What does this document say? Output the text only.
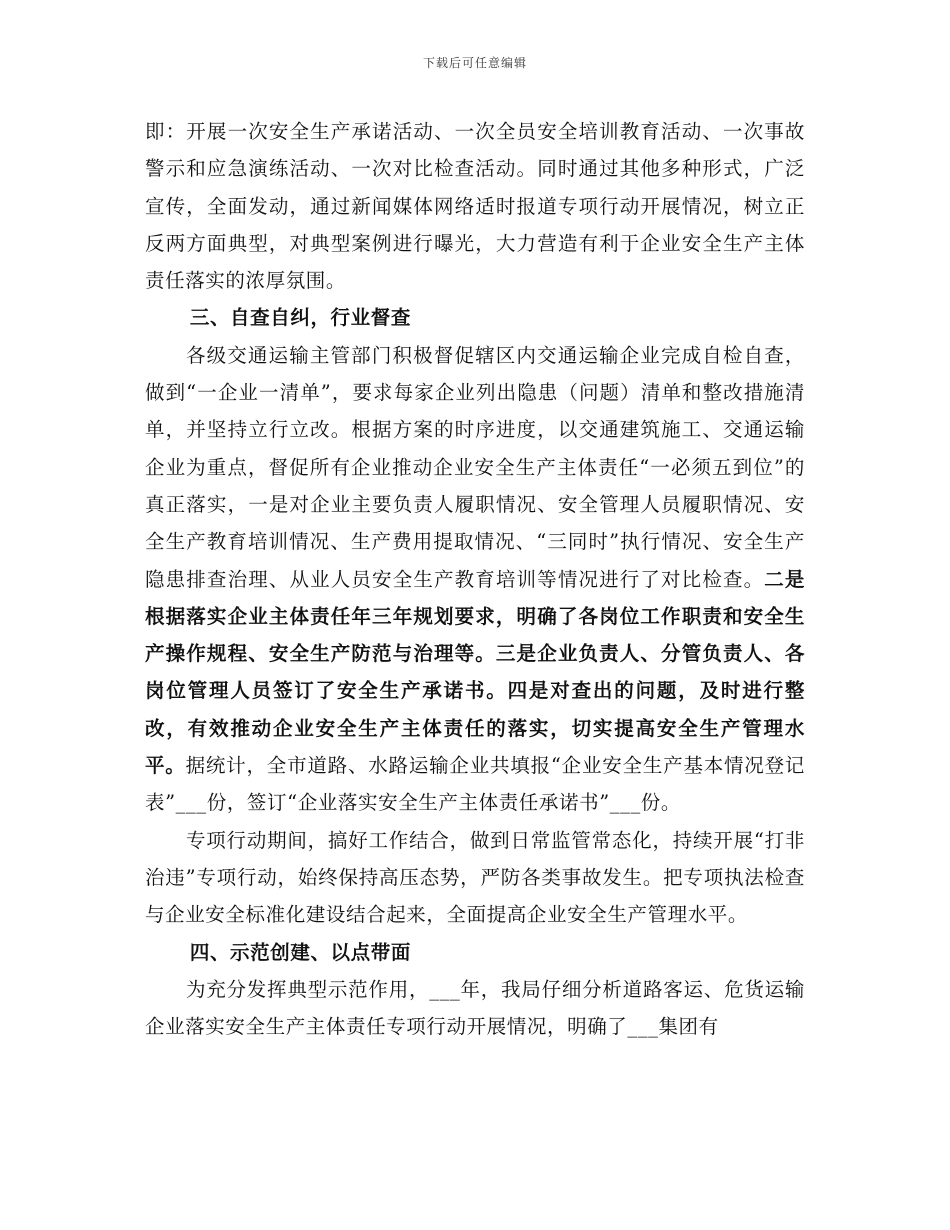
下载后可任意编辑

即：开展一次安全生产承诺活动、一次全员安全培训教育活动、一次事故警示和应急演练活动、一次对比检查活动。同时通过其他多种形式，广泛宣传，全面发动，通过新闻媒体网络适时报道专项行动开展情况，树立正反两方面典型，对典型案例进行曝光，大力营造有利于企业安全生产主体责任落实的浓厚氛围。

三、自查自纠，行业督查

各级交通运输主管部门积极督促辖区内交通运输企业完成自检自查，做到“一企业一清单”，要求每家企业列出隐患（问题）清单和整改措施清单，并坚持立行立改。根据方案的时序进度，以交通建筑施工、交通运输企业为重点，督促所有企业推动企业安全生产主体责任“一必须五到位”的真正落实，一是对企业主要负责人履职情况、安全管理人员履职情况、安全生产教育培训情况、生产费用提取情况、“三同时”执行情况、安全生产隐患排查治理、从业人员安全生产教育培训等情况进行了对比检查。二是根据落实企业主体责任年三年规划要求，明确了各岗位工作职责和安全生产操作规程、安全生产防范与治理等。三是企业负责人、分管负责人、各岗位管理人员签订了安全生产承诺书。四是对查出的问题，及时进行整改，有效推动企业安全生产主体责任的落实，切实提高安全生产管理水平。据统计，全市道路、水路运输企业共填报“企业安全生产基本情况登记表”___份，签订“企业落实安全生产主体责任承诺书”___份。

专项行动期间，搞好工作结合，做到日常监管常态化，持续开展“打非治违”专项行动，始终保持高压态势，严防各类事故发生。把专项执法检查与企业安全标准化建设结合起来，全面提高企业安全生产管理水平。

四、示范创建、以点带面

为充分发挥典型示范作用，___年，我局仔细分析道路客运、危货运输企业落实安全生产主体责任专项行动开展情况，明确了___集团有
